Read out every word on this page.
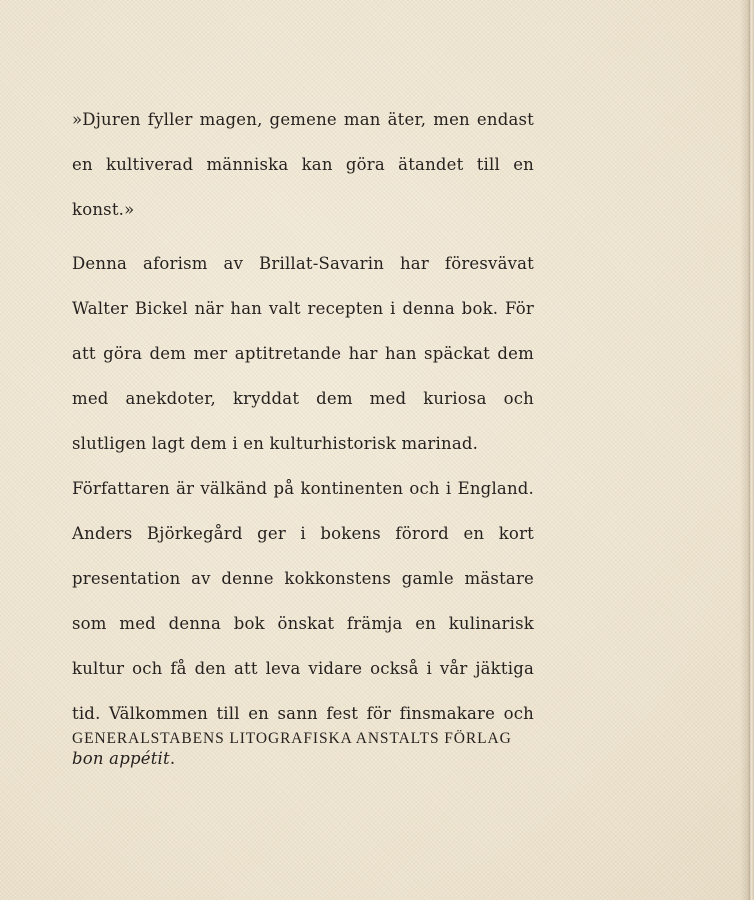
»Djuren fyller magen, gemene man äter, men endast en kultiverad människa kan göra ätandet till en konst.»

Denna aforism av Brillat-Savarin har föresvävat Walter Bickel när han valt recepten i denna bok. För att göra dem mer aptitretande har han späckat dem med anekdoter, kryddat dem med kuriosa och slutligen lagt dem i en kulturhistorisk marinad.

Författaren är välkänd på kontinenten och i England. Anders Björkegård ger i bokens förord en kort presentation av denne kokkonstens gamle mästare som med denna bok önskat främja en kulinarisk kultur och få den att leva vidare också i vår jäktiga tid. Välkommen till en sann fest för finsmakare och bon appétit.

GENERALSTABENS LITOGRAFISKA ANSTALTS FÖRLAG
